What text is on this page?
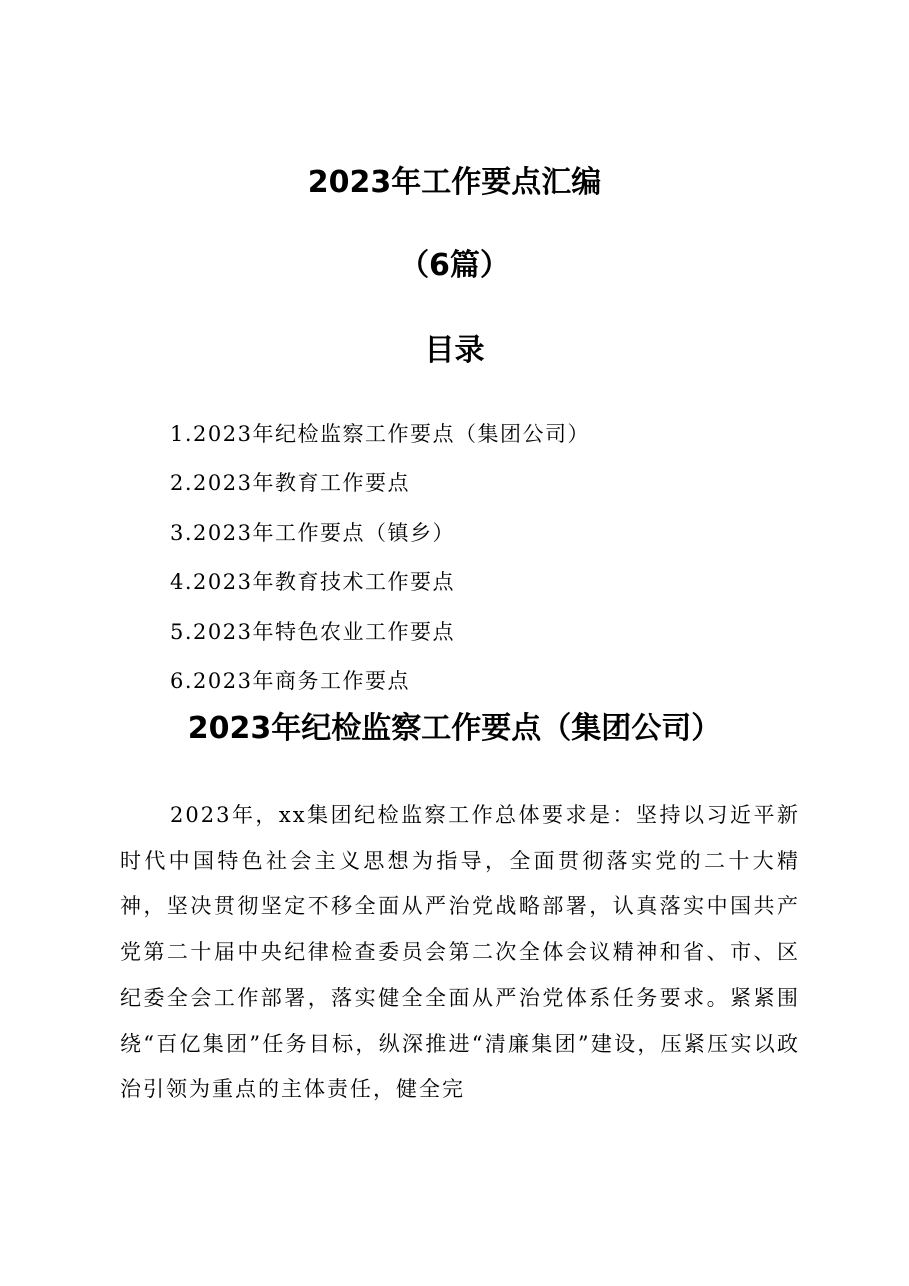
2023年工作要点汇编
（6篇）
目录
1.2023年纪检监察工作要点（集团公司）
2.2023年教育工作要点
3.2023年工作要点（镇乡）
4.2023年教育技术工作要点
5.2023年特色农业工作要点
6.2023年商务工作要点
2023年纪检监察工作要点（集团公司）

2023年，xx集团纪检监察工作总体要求是：坚持以习近平新时代中国特色社会主义思想为指导，全面贯彻落实党的二十大精神，坚决贯彻坚定不移全面从严治党战略部署，认真落实中国共产党第二十届中央纪律检查委员会第二次全体会议精神和省、市、区纪委全会工作部署，落实健全全面从严治党体系任务要求。紧紧围绕“百亿集团”任务目标，纵深推进“清廉集团”建设，压紧压实以政治引领为重点的主体责任，健全完
